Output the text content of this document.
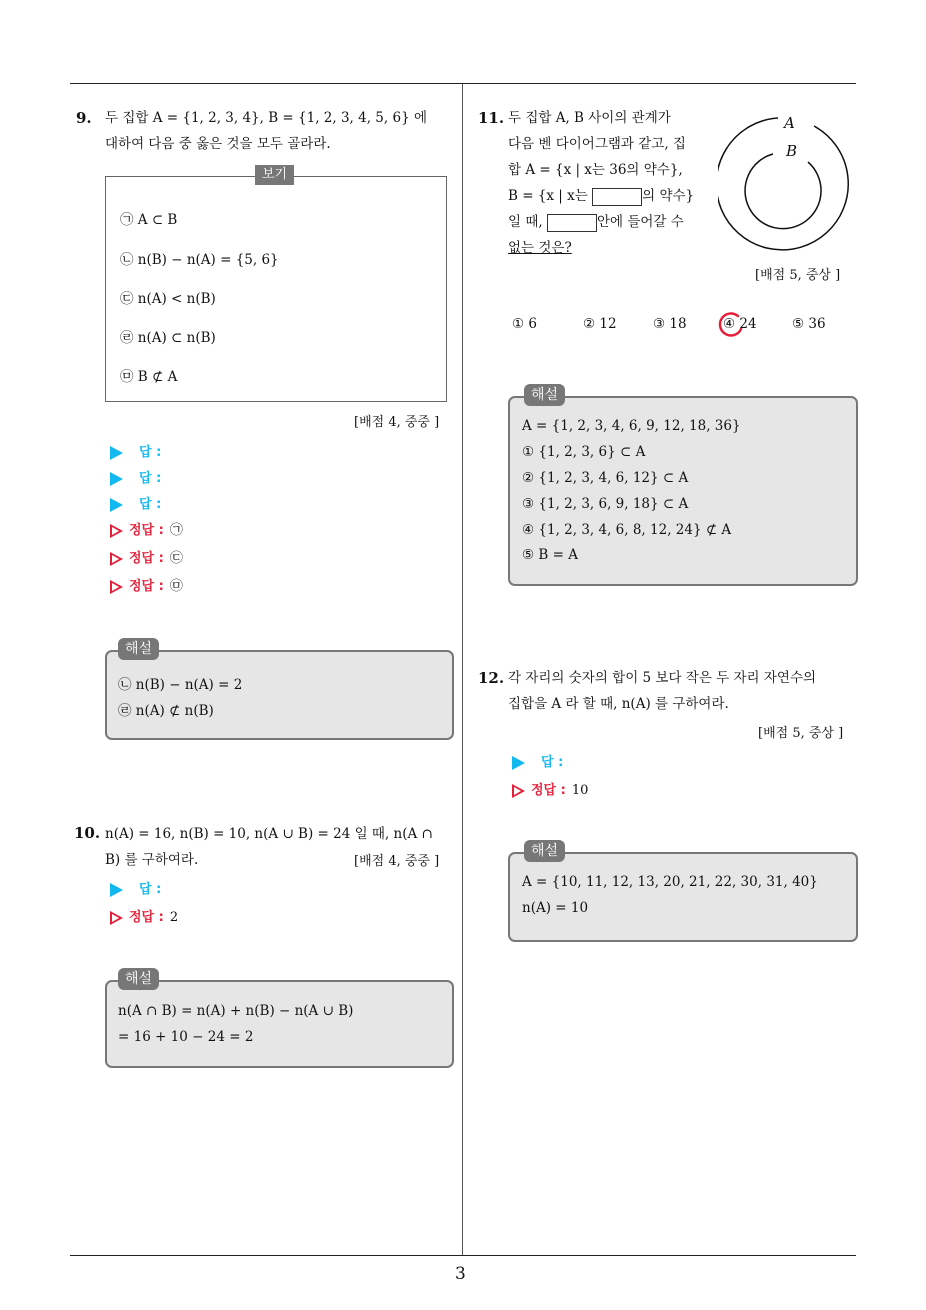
3
9. 두 집합 A = {1, 2, 3, 4}, B = {1, 2, 3, 4, 5, 6} 에
대하여 다음 중 옳은 것을 모두 골라라.
보기
㉠ A ⊂ B
㉡ n(B) − n(A) = {5, 6}
㉢ n(A) < n(B)
㉣ n(A) ⊂ n(B)
㉤ B ⊄ A
[배점 4, 중중 ]
답 :
답 :
답 :
정답 : ㉠
정답 : ㉢
정답 : ㉤
해설
㉡ n(B) − n(A) = 2
㉣ n(A) ⊄ n(B)
10. n(A) = 16, n(B) = 10, n(A ∪ B) = 24 일 때, n(A ∩
B) 를 구하여라.	[배점 4, 중중 ]
답 :
정답 : 2
해설
n(A ∩ B) = n(A) + n(B) − n(A ∪ B)
= 16 + 10 − 24 = 2
11. 두 집합 A, B 사이의 관계가
다음 벤 다이어그램과 같고, 집
합 A = {x | x는 36의 약수},
B = {x | x는	의 약수}
일 때,	안에 들어갈 수
없는 것은?
A
B
[배점 5, 중상 ]
① 6	② 12	③ 18	④ 24	⑤ 36
해설
A = {1, 2, 3, 4, 6, 9, 12, 18, 36}
① {1, 2, 3, 6} ⊂ A
② {1, 2, 3, 4, 6, 12} ⊂ A
③ {1, 2, 3, 6, 9, 18} ⊂ A
④ {1, 2, 3, 4, 6, 8, 12, 24} ⊄ A
⑤ B = A
12. 각 자리의 숫자의 합이 5 보다 작은 두 자리 자연수의
집합을 A 라 할 때, n(A) 를 구하여라.
[배점 5, 중상 ]
답 :
정답 : 10
해설
A = {10, 11, 12, 13, 20, 21, 22, 30, 31, 40}
n(A) = 10
